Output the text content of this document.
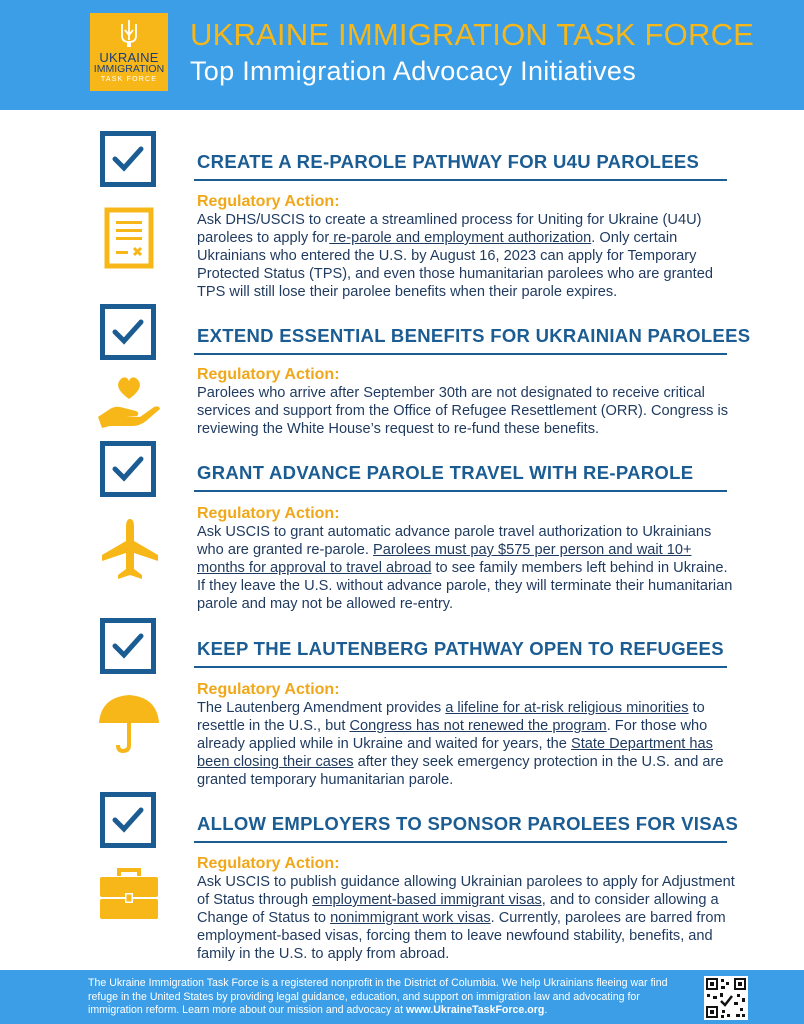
UKRAINE
IMMIGRATION
TASK FORCE
UKRAINE IMMIGRATION TASK FORCE
Top Immigration Advocacy Initiatives
CREATE A RE-PAROLE PATHWAY FOR U4U PAROLEES
Regulatory Action:
Ask DHS/USCIS to create a streamlined process for Uniting for Ukraine (U4U) parolees to apply for re-parole and employment authorization. Only certain Ukrainians who entered the U.S. by August 16, 2023 can apply for Temporary Protected Status (TPS), and even those humanitarian parolees who are granted TPS will still lose their parolee benefits when their parole expires.
EXTEND ESSENTIAL BENEFITS FOR UKRAINIAN PAROLEES
Regulatory Action:
Parolees who arrive after September 30th are not designated to receive critical services and support from the Office of Refugee Resettlement (ORR). Congress is reviewing the White House’s request to re-fund these benefits.
GRANT ADVANCE PAROLE TRAVEL WITH RE-PAROLE
Regulatory Action:
Ask USCIS to grant automatic advance parole travel authorization to Ukrainians who are granted re-parole. Parolees must pay $575 per person and wait 10+ months for approval to travel abroad to see family members left behind in Ukraine. If they leave the U.S. without advance parole, they will terminate their humanitarian parole and may not be allowed re-entry.
KEEP THE LAUTENBERG PATHWAY OPEN TO REFUGEES
Regulatory Action:
The Lautenberg Amendment provides a lifeline for at-risk religious minorities to resettle in the U.S., but Congress has not renewed the program. For those who already applied while in Ukraine and waited for years, the State Department has been closing their cases after they seek emergency protection in the U.S. and are granted temporary humanitarian parole.
ALLOW EMPLOYERS TO SPONSOR PAROLEES FOR VISAS
Regulatory Action:
Ask USCIS to publish guidance allowing Ukrainian parolees to apply for Adjustment of Status through employment-based immigrant visas, and to consider allowing a Change of Status to nonimmigrant work visas. Currently, parolees are barred from employment-based visas, forcing them to leave newfound stability, benefits, and family in the U.S. to apply from abroad.
The Ukraine Immigration Task Force is a registered nonprofit in the District of Columbia. We help Ukrainians fleeing war find refuge in the United States by providing legal guidance, education, and support on immigration law and advocating for immigration reform. Learn more about our mission and advocacy at www.UkraineTaskForce.org.
